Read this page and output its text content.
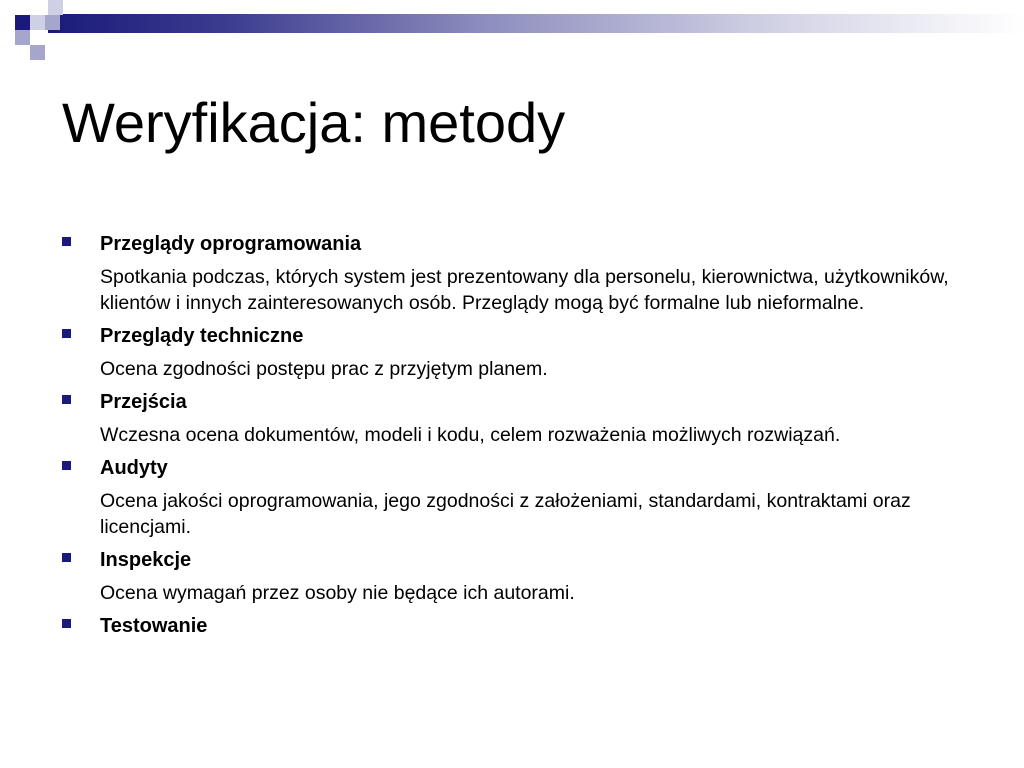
Weryfikacja: metody
Przeglądy oprogramowania
Spotkania podczas, których system jest prezentowany dla personelu, kierownictwa, użytkowników, klientów i innych zainteresowanych osób. Przeglądy mogą być formalne lub nieformalne.
Przeglądy techniczne
Ocena zgodności postępu prac z przyjętym planem.
Przejścia
Wczesna ocena dokumentów, modeli i kodu, celem rozważenia możliwych rozwiązań.
Audyty
Ocena jakości oprogramowania, jego zgodności z założeniami, standardami, kontraktami oraz licencjami.
Inspekcje
Ocena wymagań przez osoby nie będące ich autorami.
Testowanie
